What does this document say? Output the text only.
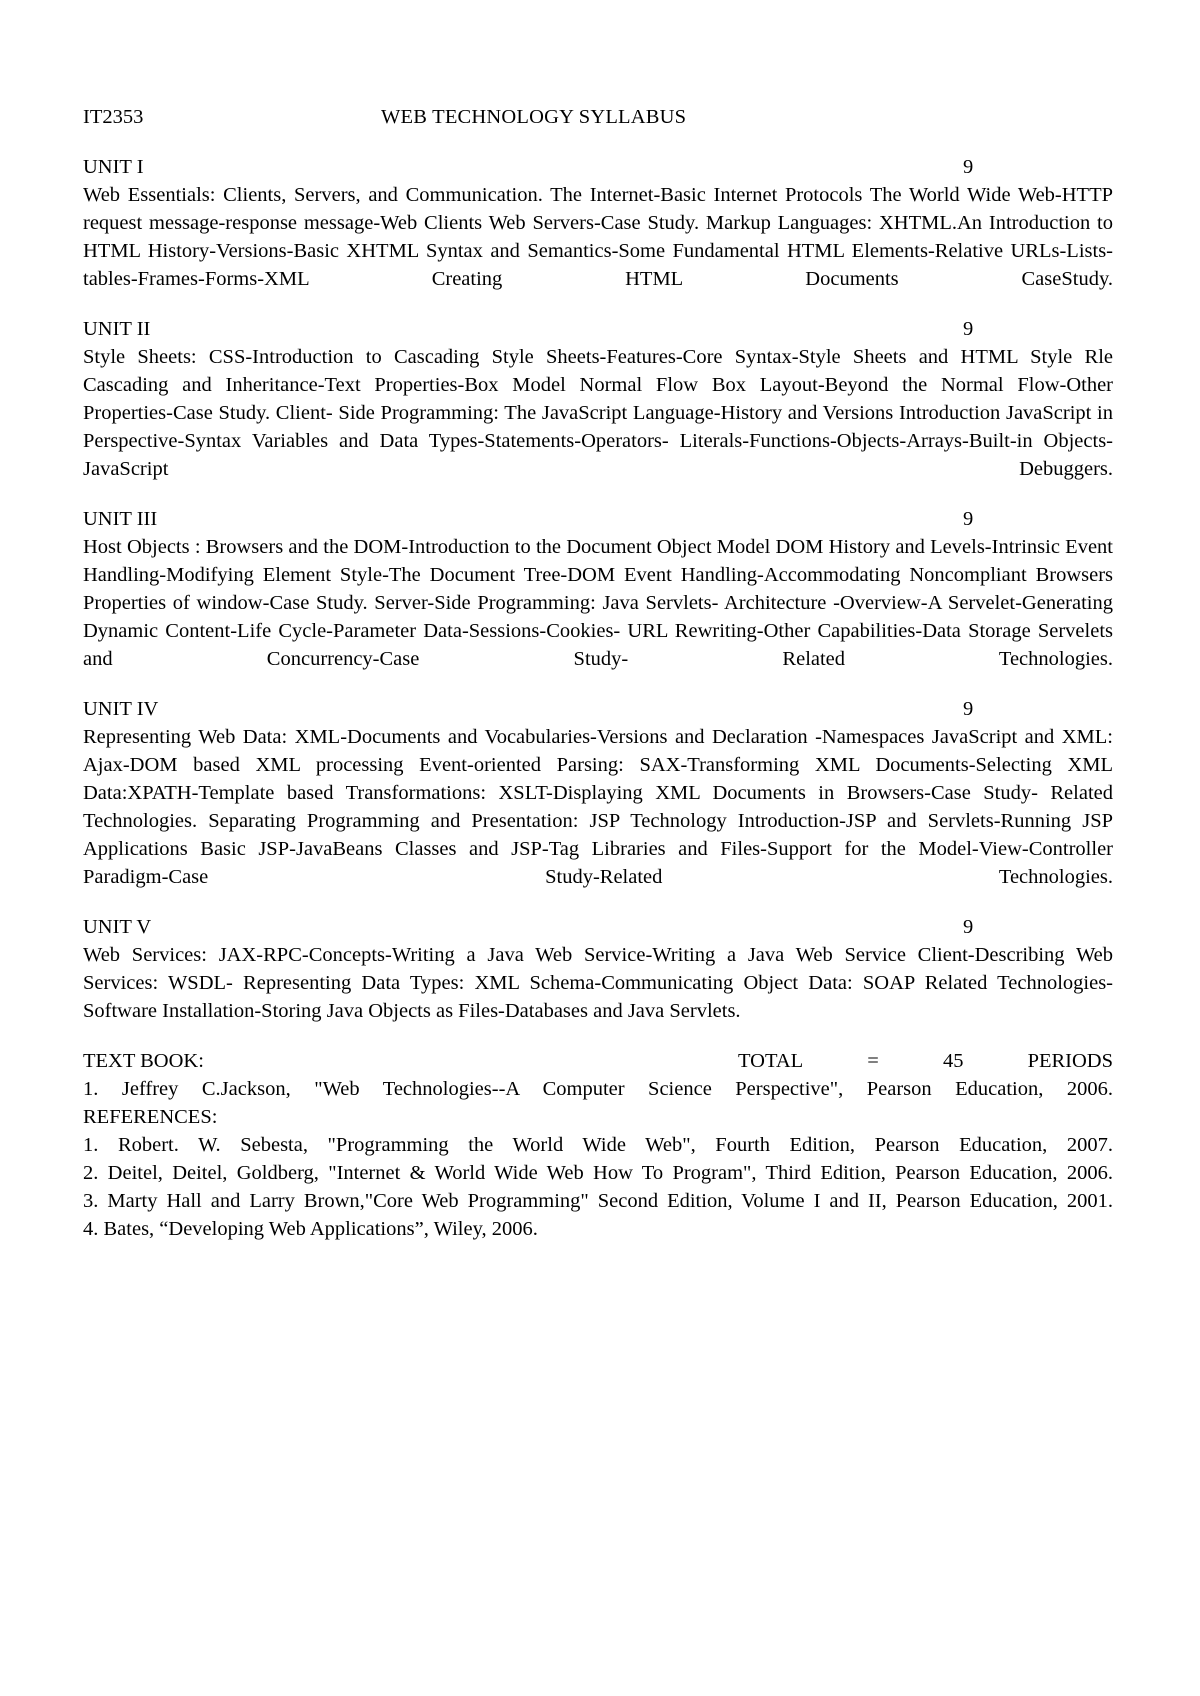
IT2353	WEB TECHNOLOGY SYLLABUS
UNIT I	9
Web Essentials: Clients, Servers, and Communication. The Internet-Basic Internet Protocols The World Wide Web-HTTP request message-response message-Web Clients Web Servers-Case Study. Markup Languages: XHTML.An Introduction to HTML History-Versions-Basic XHTML Syntax and Semantics-Some Fundamental HTML Elements-Relative URLs-Lists-tables-Frames-Forms-XML Creating HTML Documents CaseStudy.
UNIT II	9
Style Sheets: CSS-Introduction to Cascading Style Sheets-Features-Core Syntax-Style Sheets and HTML Style Rle Cascading and Inheritance-Text Properties-Box Model Normal Flow Box Layout-Beyond the Normal Flow-Other Properties-Case Study. Client- Side Programming: The JavaScript Language-History and Versions Introduction JavaScript in Perspective-Syntax Variables and Data Types-Statements-Operators- Literals-Functions-Objects-Arrays-Built-in Objects-JavaScript Debuggers.
UNIT III	9
Host Objects : Browsers and the DOM-Introduction to the Document Object Model DOM History and Levels-Intrinsic Event Handling-Modifying Element Style-The Document Tree-DOM Event Handling-Accommodating Noncompliant Browsers Properties of window-Case Study. Server-Side Programming: Java Servlets- Architecture -Overview-A Servelet-Generating Dynamic Content-Life Cycle-Parameter Data-Sessions-Cookies- URL Rewriting-Other Capabilities-Data Storage Servelets and Concurrency-Case Study- Related Technologies.
UNIT IV	9
Representing Web Data: XML-Documents and Vocabularies-Versions and Declaration -Namespaces JavaScript and XML: Ajax-DOM based XML processing Event-oriented Parsing: SAX-Transforming XML Documents-Selecting XML Data:XPATH-Template based Transformations: XSLT-Displaying XML Documents in Browsers-Case Study- Related Technologies. Separating Programming and Presentation: JSP Technology Introduction-JSP and Servlets-Running JSP Applications Basic JSP-JavaBeans Classes and JSP-Tag Libraries and Files-Support for the Model-View-Controller Paradigm-Case Study-Related Technologies.
UNIT V	9
Web Services: JAX-RPC-Concepts-Writing a Java Web Service-Writing a Java Web Service Client-Describing Web Services: WSDL- Representing Data Types: XML Schema-Communicating Object Data: SOAP Related Technologies-Software Installation-Storing Java Objects as Files-Databases and Java Servlets.
TEXT BOOK:	TOTAL	=	45	PERIODS
1. Jeffrey C.Jackson, "Web Technologies--A Computer Science Perspective", Pearson Education, 2006.
REFERENCES:
1. Robert. W. Sebesta, "Programming the World Wide Web", Fourth Edition, Pearson Education, 2007.
2. Deitel, Deitel, Goldberg, "Internet & World Wide Web How To Program", Third Edition, Pearson Education, 2006.
3. Marty Hall and Larry Brown,"Core Web Programming" Second Edition, Volume I and II, Pearson Education, 2001.
4. Bates, “Developing Web Applications”, Wiley, 2006.
